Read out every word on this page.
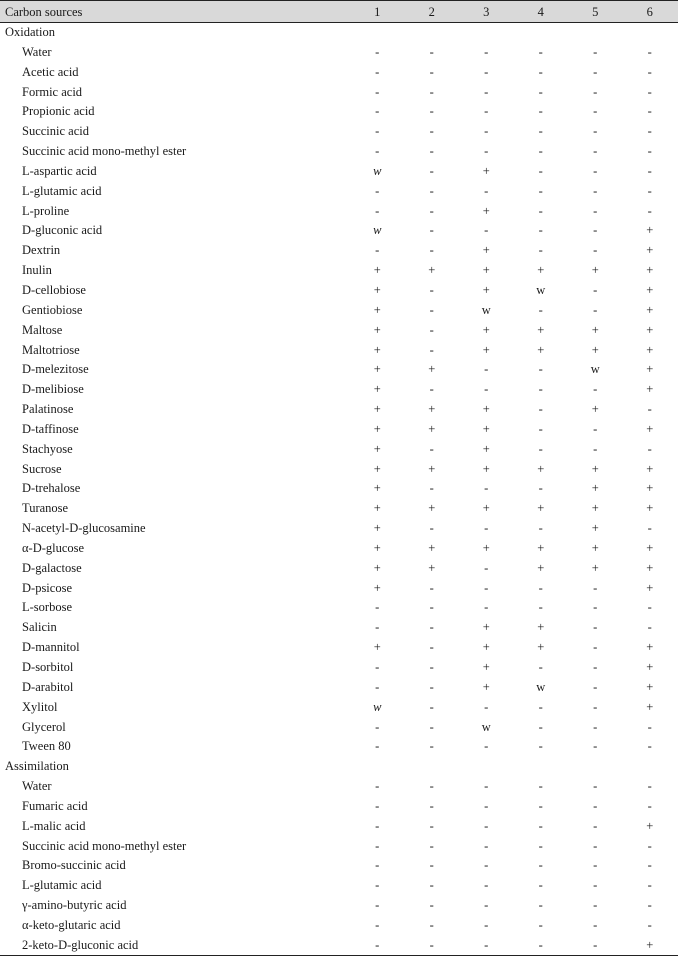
Carbon sources	1	2	3	4	5	6
Oxidation
Water	-	-	-	-	-	-
Acetic acid	-	-	-	-	-	-
Formic acid	-	-	-	-	-	-
Propionic acid	-	-	-	-	-	-
Succinic acid	-	-	-	-	-	-
Succinic acid mono-methyl ester	-	-	-	-	-	-
L-aspartic acid	w	-	+	-	-	-
L-glutamic acid	-	-	-	-	-	-
L-proline	-	-	+	-	-	-
D-gluconic acid	w	-	-	-	-	+
Dextrin	-	-	+	-	-	+
Inulin	+	+	+	+	+	+
D-cellobiose	+	-	+	w	-	+
Gentiobiose	+	-	w	-	-	+
Maltose	+	-	+	+	+	+
Maltotriose	+	-	+	+	+	+
D-melezitose	+	+	-	-	w	+
D-melibiose	+	-	-	-	-	+
Palatinose	+	+	+	-	+	-
D-taffinose	+	+	+	-	-	+
Stachyose	+	-	+	-	-	-
Sucrose	+	+	+	+	+	+
D-trehalose	+	-	-	-	+	+
Turanose	+	+	+	+	+	+
N-acetyl-D-glucosamine	+	-	-	-	+	-
α-D-glucose	+	+	+	+	+	+
D-galactose	+	+	-	+	+	+
D-psicose	+	-	-	-	-	+
L-sorbose	-	-	-	-	-	-
Salicin	-	-	+	+	-	-
D-mannitol	+	-	+	+	-	+
D-sorbitol	-	-	+	-	-	+
D-arabitol	-	-	+	w	-	+
Xylitol	w	-	-	-	-	+
Glycerol	-	-	w	-	-	-
Tween 80	-	-	-	-	-	-
Assimilation
Water	-	-	-	-	-	-
Fumaric acid	-	-	-	-	-	-
L-malic acid	-	-	-	-	-	+
Succinic acid mono-methyl ester	-	-	-	-	-	-
Bromo-succinic acid	-	-	-	-	-	-
L-glutamic acid	-	-	-	-	-	-
γ-amino-butyric acid	-	-	-	-	-	-
α-keto-glutaric acid	-	-	-	-	-	-
2-keto-D-gluconic acid	-	-	-	-	-	+
